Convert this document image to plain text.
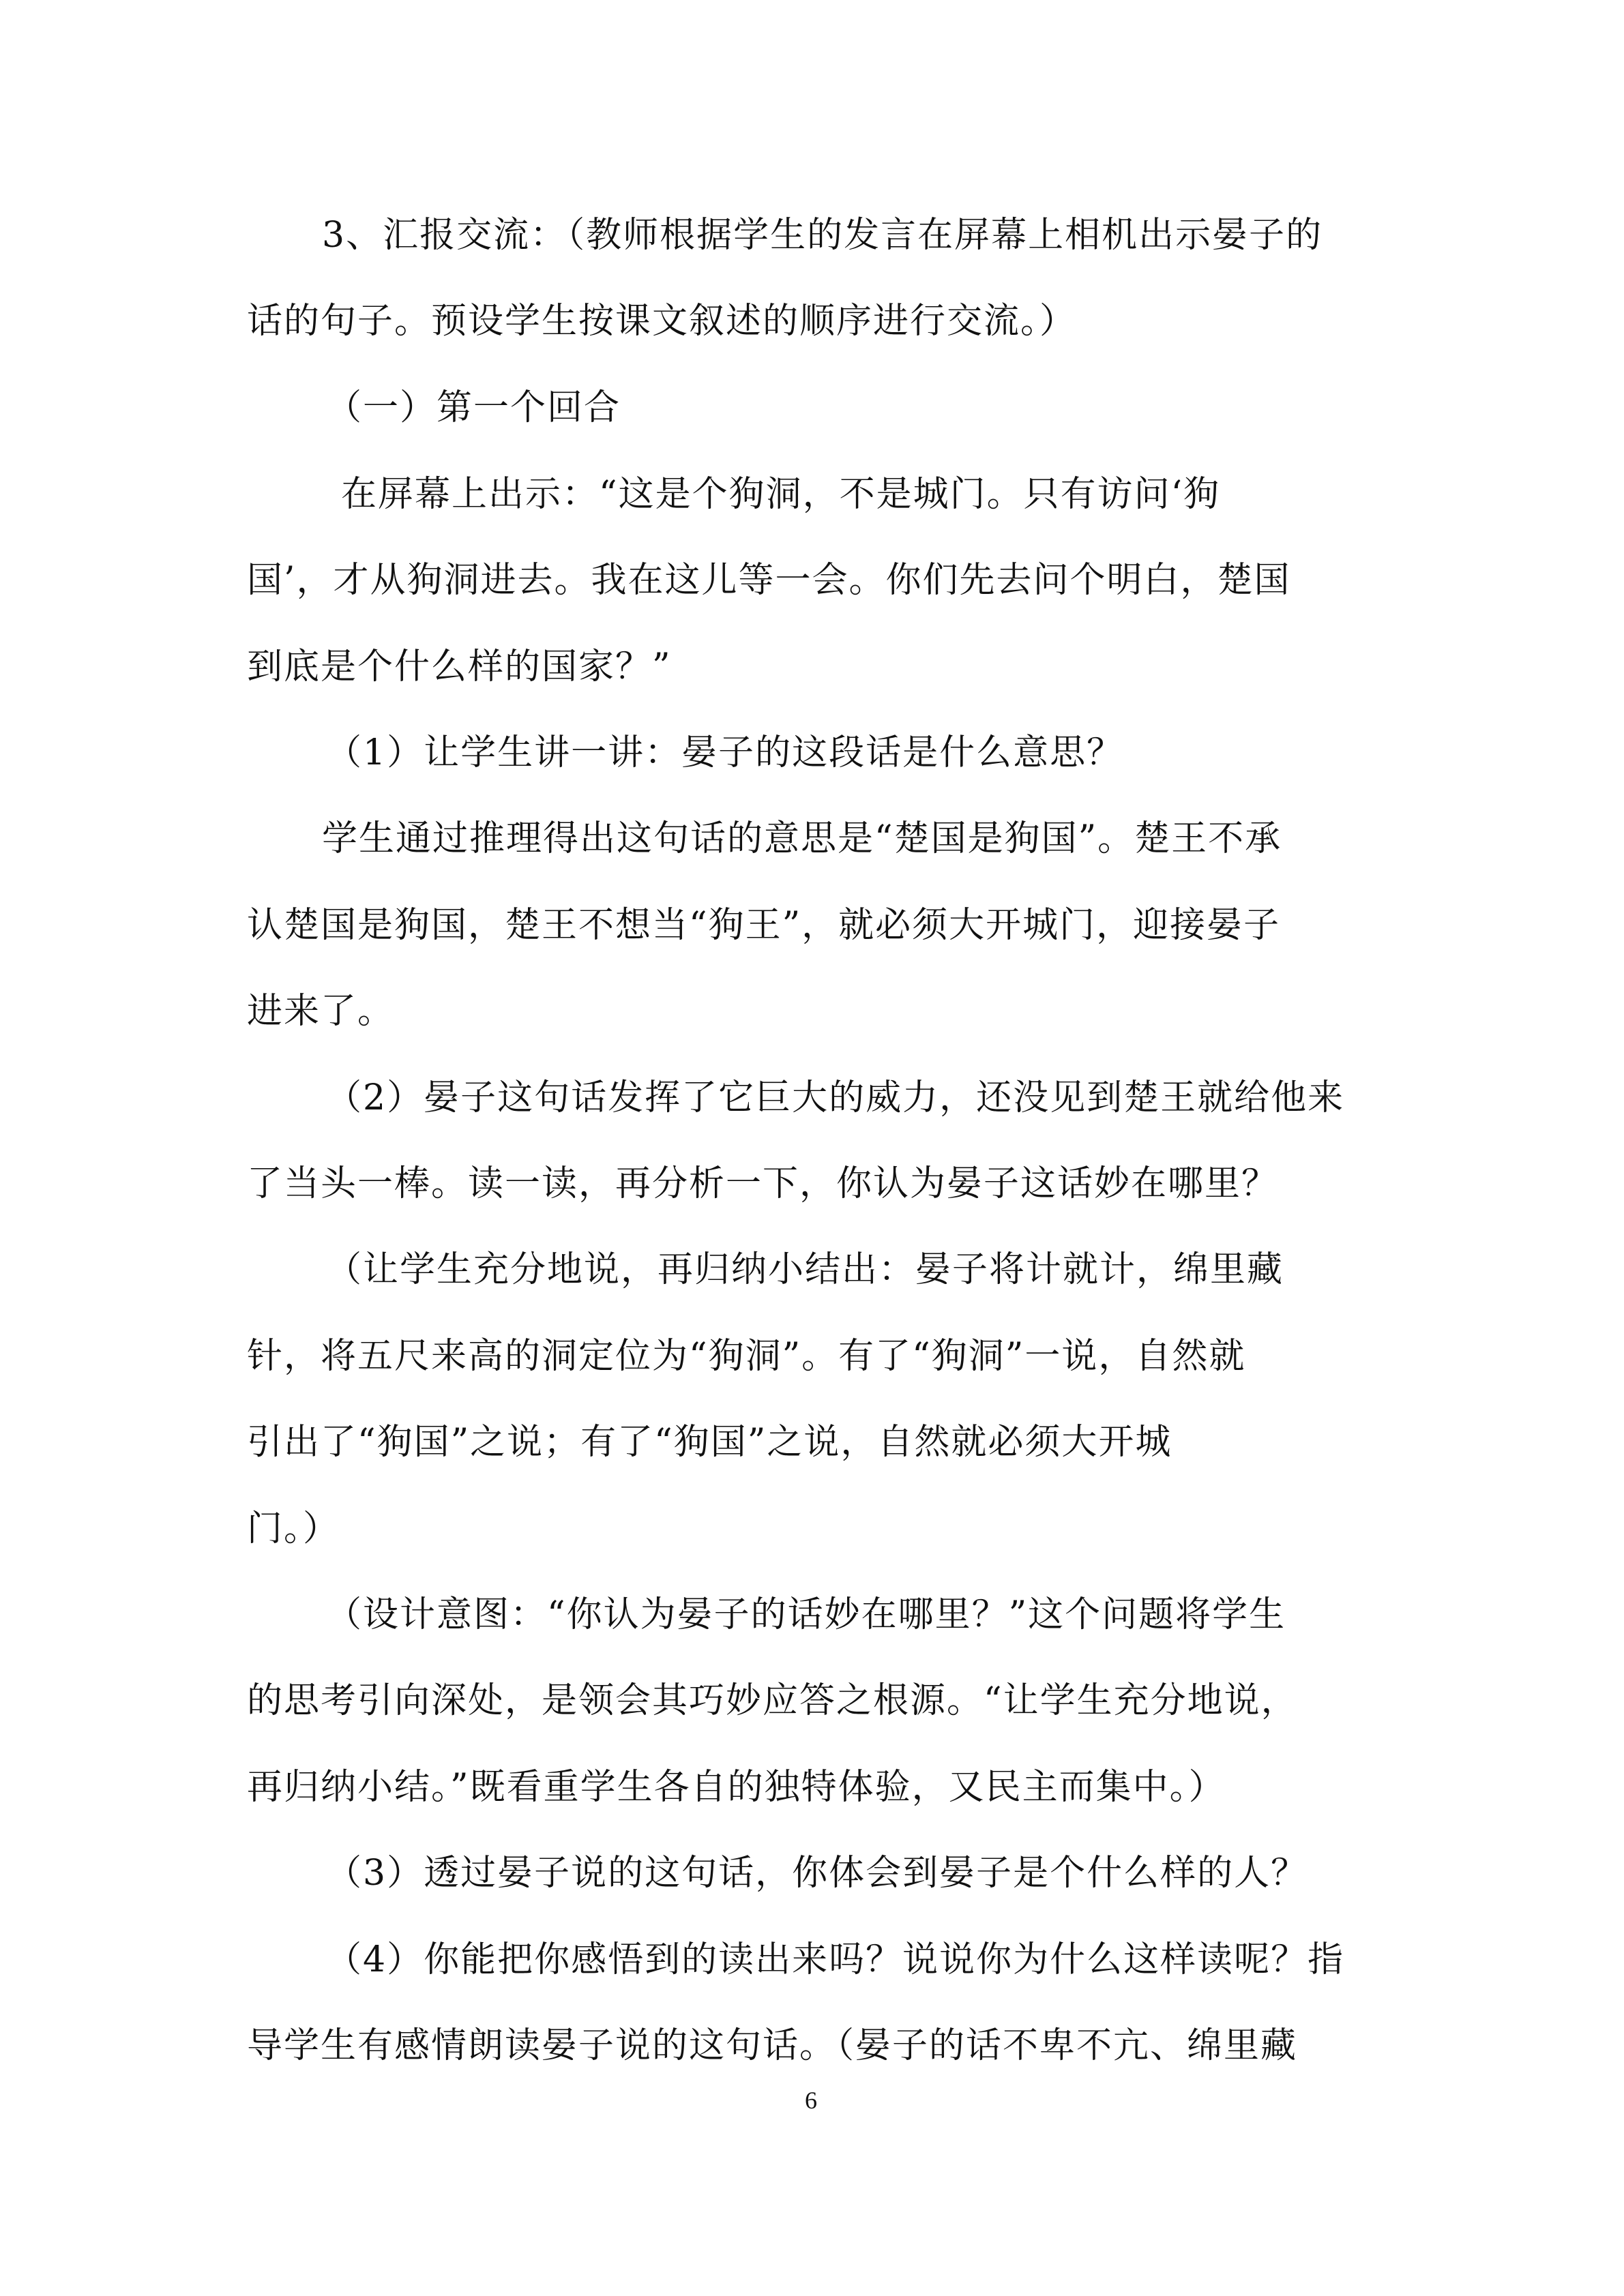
3、汇报交流：（教师根据学生的发言在屏幕上相机出示晏子的
话的句子。预设学生按课文叙述的顺序进行交流。）
（一）第一个回合
在屏幕上出示：“这是个狗洞，不是城门。只有访问‘狗
国’，才从狗洞进去。我在这儿等一会。你们先去问个明白，楚国
到底是个什么样的国家？”
（1）让学生讲一讲：晏子的这段话是什么意思？
学生通过推理得出这句话的意思是“楚国是狗国”。楚王不承
认楚国是狗国，楚王不想当“狗王”，就必须大开城门，迎接晏子
进来了。
（2）晏子这句话发挥了它巨大的威力，还没见到楚王就给他来
了当头一棒。读一读，再分析一下，你认为晏子这话妙在哪里？
（让学生充分地说，再归纳小结出：晏子将计就计，绵里藏
针，将五尺来高的洞定位为“狗洞”。有了“狗洞”一说，自然就
引出了“狗国”之说；有了“狗国”之说，自然就必须大开城
门。）
（设计意图：“你认为晏子的话妙在哪里？”这个问题将学生
的思考引向深处，是领会其巧妙应答之根源。“让学生充分地说，
再归纳小结。”既看重学生各自的独特体验，又民主而集中。）
（3）透过晏子说的这句话，你体会到晏子是个什么样的人？
（4）你能把你感悟到的读出来吗？说说你为什么这样读呢？指
导学生有感情朗读晏子说的这句话。（晏子的话不卑不亢、绵里藏
6
